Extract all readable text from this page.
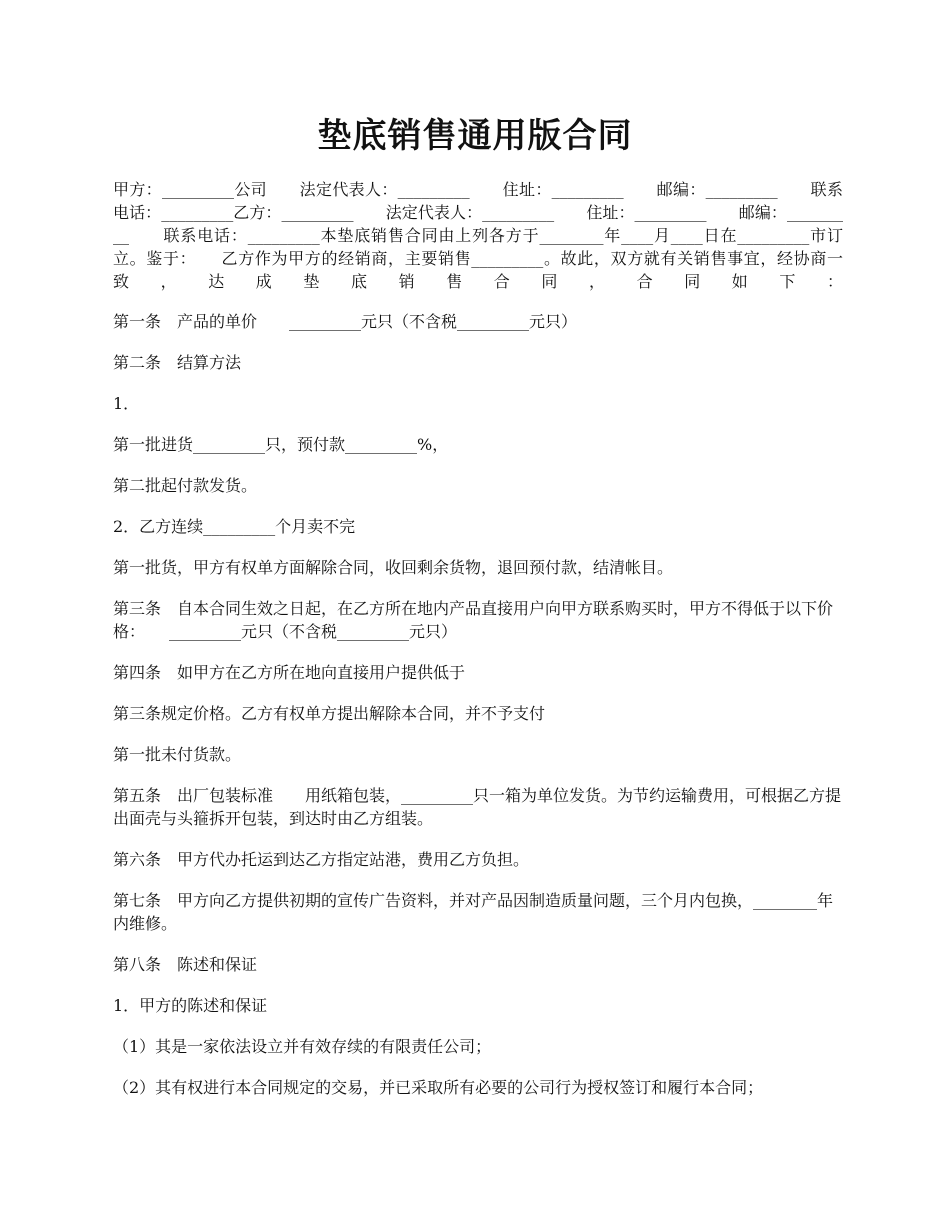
垫底销售通用版合同

甲方：_________公司　　法定代表人：_________　　住址：_________　　邮编：_________　　联系电话：_________乙方：_________　　法定代表人：_________　　住址：_________　　邮编：_________　　联系电话：_________本垫底销售合同由上列各方于________年____月____日在_________市订立。鉴于：　　乙方作为甲方的经销商，主要销售_________。故此，双方就有关销售事宜，经协商一致，达成垫底销售合同，合同如下：

第一条　产品的单价　　_________元只（不含税_________元只）

第二条　结算方法

1．

第一批进货_________只，预付款_________%，

第二批起付款发货。

2．乙方连续_________个月卖不完

第一批货，甲方有权单方面解除合同，收回剩余货物，退回预付款，结清帐目。

第三条　自本合同生效之日起，在乙方所在地内产品直接用户向甲方联系购买时，甲方不得低于以下价格：　　_________元只（不含税_________元只）

第四条　如甲方在乙方所在地向直接用户提供低于

第三条规定价格。乙方有权单方提出解除本合同，并不予支付

第一批未付货款。

第五条　出厂包装标准　　用纸箱包装，_________只一箱为单位发货。为节约运输费用，可根据乙方提出面壳与头箍拆开包装，到达时由乙方组装。

第六条　甲方代办托运到达乙方指定站港，费用乙方负担。

第七条　甲方向乙方提供初期的宣传广告资料，并对产品因制造质量问题，三个月内包换，________年内维修。

第八条　陈述和保证

1．甲方的陈述和保证

（1）其是一家依法设立并有效存续的有限责任公司；

（2）其有权进行本合同规定的交易，并已采取所有必要的公司行为授权签订和履行本合同；
